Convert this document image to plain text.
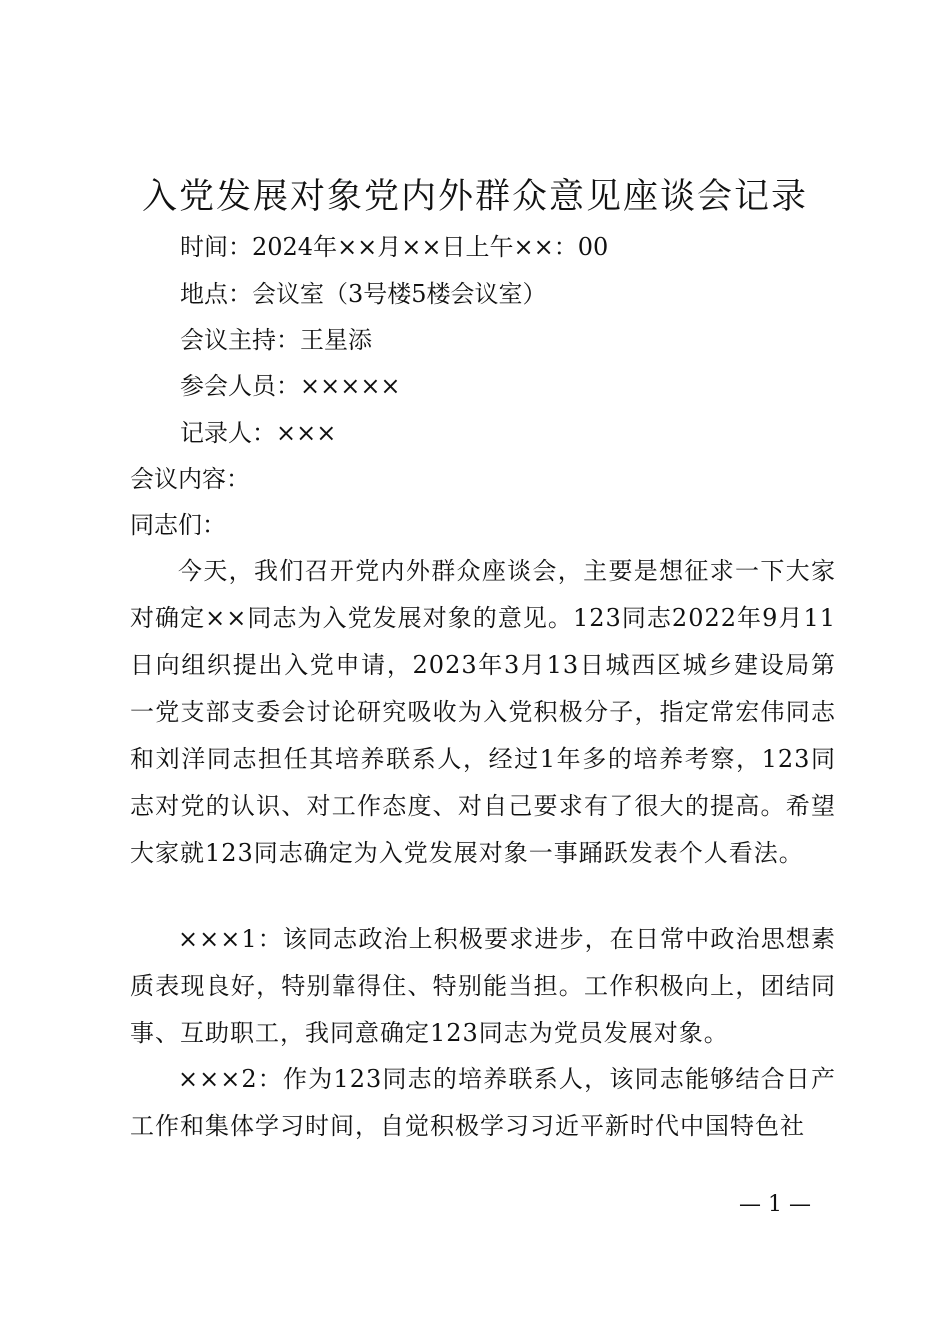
入党发展对象党内外群众意见座谈会记录
时间：2024年××月××日上午××：00
地点：会议室（3号楼5楼会议室）
会议主持：王星添
参会人员：×××××
记录人：×××
会议内容：
同志们：

今天，我们召开党内外群众座谈会，主要是想征求一下大家对确定××同志为入党发展对象的意见。123同志2022年9月11日向组织提出入党申请，2023年3月13日城西区城乡建设局第一党支部支委会讨论研究吸收为入党积极分子，指定常宏伟同志和刘洋同志担任其培养联系人，经过1年多的培养考察，123同志对党的认识、对工作态度、对自己要求有了很大的提高。希望大家就123同志确定为入党发展对象一事踊跃发表个人看法。

×××1：该同志政治上积极要求进步，在日常中政治思想素质表现良好，特别靠得住、特别能当担。工作积极向上，团结同事、互助职工，我同意确定123同志为党员发展对象。

×××2：作为123同志的培养联系人，该同志能够结合日产工作和集体学习时间，自觉积极学习习近平新时代中国特色社

— 1 —
